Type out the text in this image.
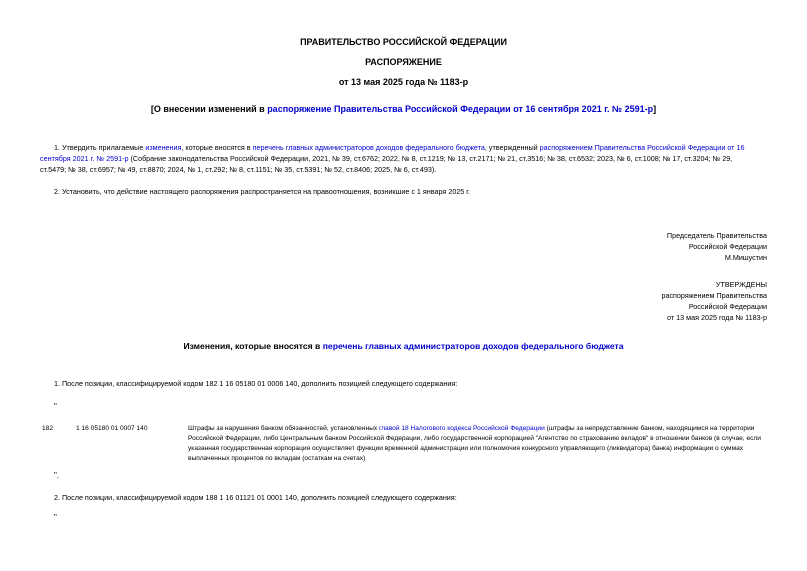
ПРАВИТЕЛЬСТВО РОССИЙСКОЙ ФЕДЕРАЦИИ
РАСПОРЯЖЕНИЕ
от 13 мая 2025 года № 1183-р
[О внесении изменений в распоряжение Правительства Российской Федерации от 16 сентября 2021 г. № 2591-р]
1. Утвердить прилагаемые изменения, которые вносятся в перечень главных администраторов доходов федерального бюджета, утвержденный распоряжением Правительства Российской Федерации от 16
сентября 2021 г. № 2591-р (Собрание законодательства Российской Федерации, 2021, № 39, ст.6762; 2022, № 8, ст.1219; № 13, ст.2171; № 21, ст.3516; № 38, ст.6532; 2023, № 6, ст.1008; № 17, ст.3204; № 29,
ст.5479; № 38, ст.6957; № 49, ст.8870; 2024, № 1, ст.292; № 8, ст.1151; № 35, ст.5391; № 52, ст.8406; 2025, № 6, ст.493).
2. Установить, что действие настоящего распоряжения распространяется на правоотношения, возникшие с 1 января 2025 г.
Председатель Правительства
Российской Федерации
М.Мишустин
УТВЕРЖДЕНЫ
распоряжением Правительства
Российской Федерации
от 13 мая 2025 года № 1183-р
Изменения, которые вносятся в перечень главных администраторов доходов федерального бюджета
1. После позиции, классифицируемой кодом 182 1 16 05180 01 0006 140, дополнить позицией следующего содержания:
"
182	1 16 05180 01 0007 140	Штрафы за нарушения банком обязанностей, установленных главой 18 Налогового кодекса Российской Федерации (штрафы за непредставление банком, находящимся на территории
Российской Федерации, либо Центральным банком Российской Федерации, либо государственной корпорацией "Агентство по страхованию вкладов" в отношении банков (в случае, если
указанная государственная корпорация осуществляет функции временной администрации или полномочия конкурсного управляющего (ликвидатора) банка) информации о суммах
выплаченных процентов по вкладам (остаткам на счетах)
".
2. После позиции, классифицируемой кодом 188 1 16 01121 01 0001 140, дополнить позицией следующего содержания:
"
